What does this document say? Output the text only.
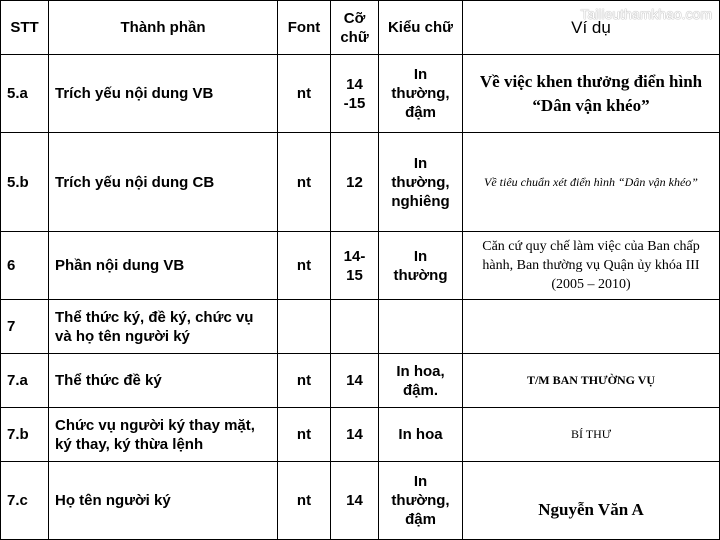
STT	Thành phần	Font	Cỡ chữ	Kiểu chữ	Ví dụ
5.a	Trích yếu nội dung VB	nt	14 -15	In thường, đậm	Về việc khen thưởng điển hình
“Dân vận khéo”

5.b	Trích yếu nội dung CB	nt	12	In thường, nghiêng	Về tiêu chuẩn xét điển hình “Dân vận khéo”

6	Phần nội dung VB	nt	14-15	In thường	Căn cứ quy chế làm việc của Ban chấp hành, Ban thường vụ Quận ủy khóa III (2005 – 2010)

7	Thể thức ký, đề ký, chức vụ và họ tên người ký				
7.a	Thể thức đề ký	nt	14	In hoa, đậm.	T/M BAN THƯỜNG VỤ
7.b	Chức vụ người ký thay mặt, ký thay, ký thừa lệnh	nt	14	In hoa	BÍ THƯ
7.c	Họ tên người ký	nt	14	In thường, đậm	Nguyễn Văn A
Tailieuthamkhao.com
